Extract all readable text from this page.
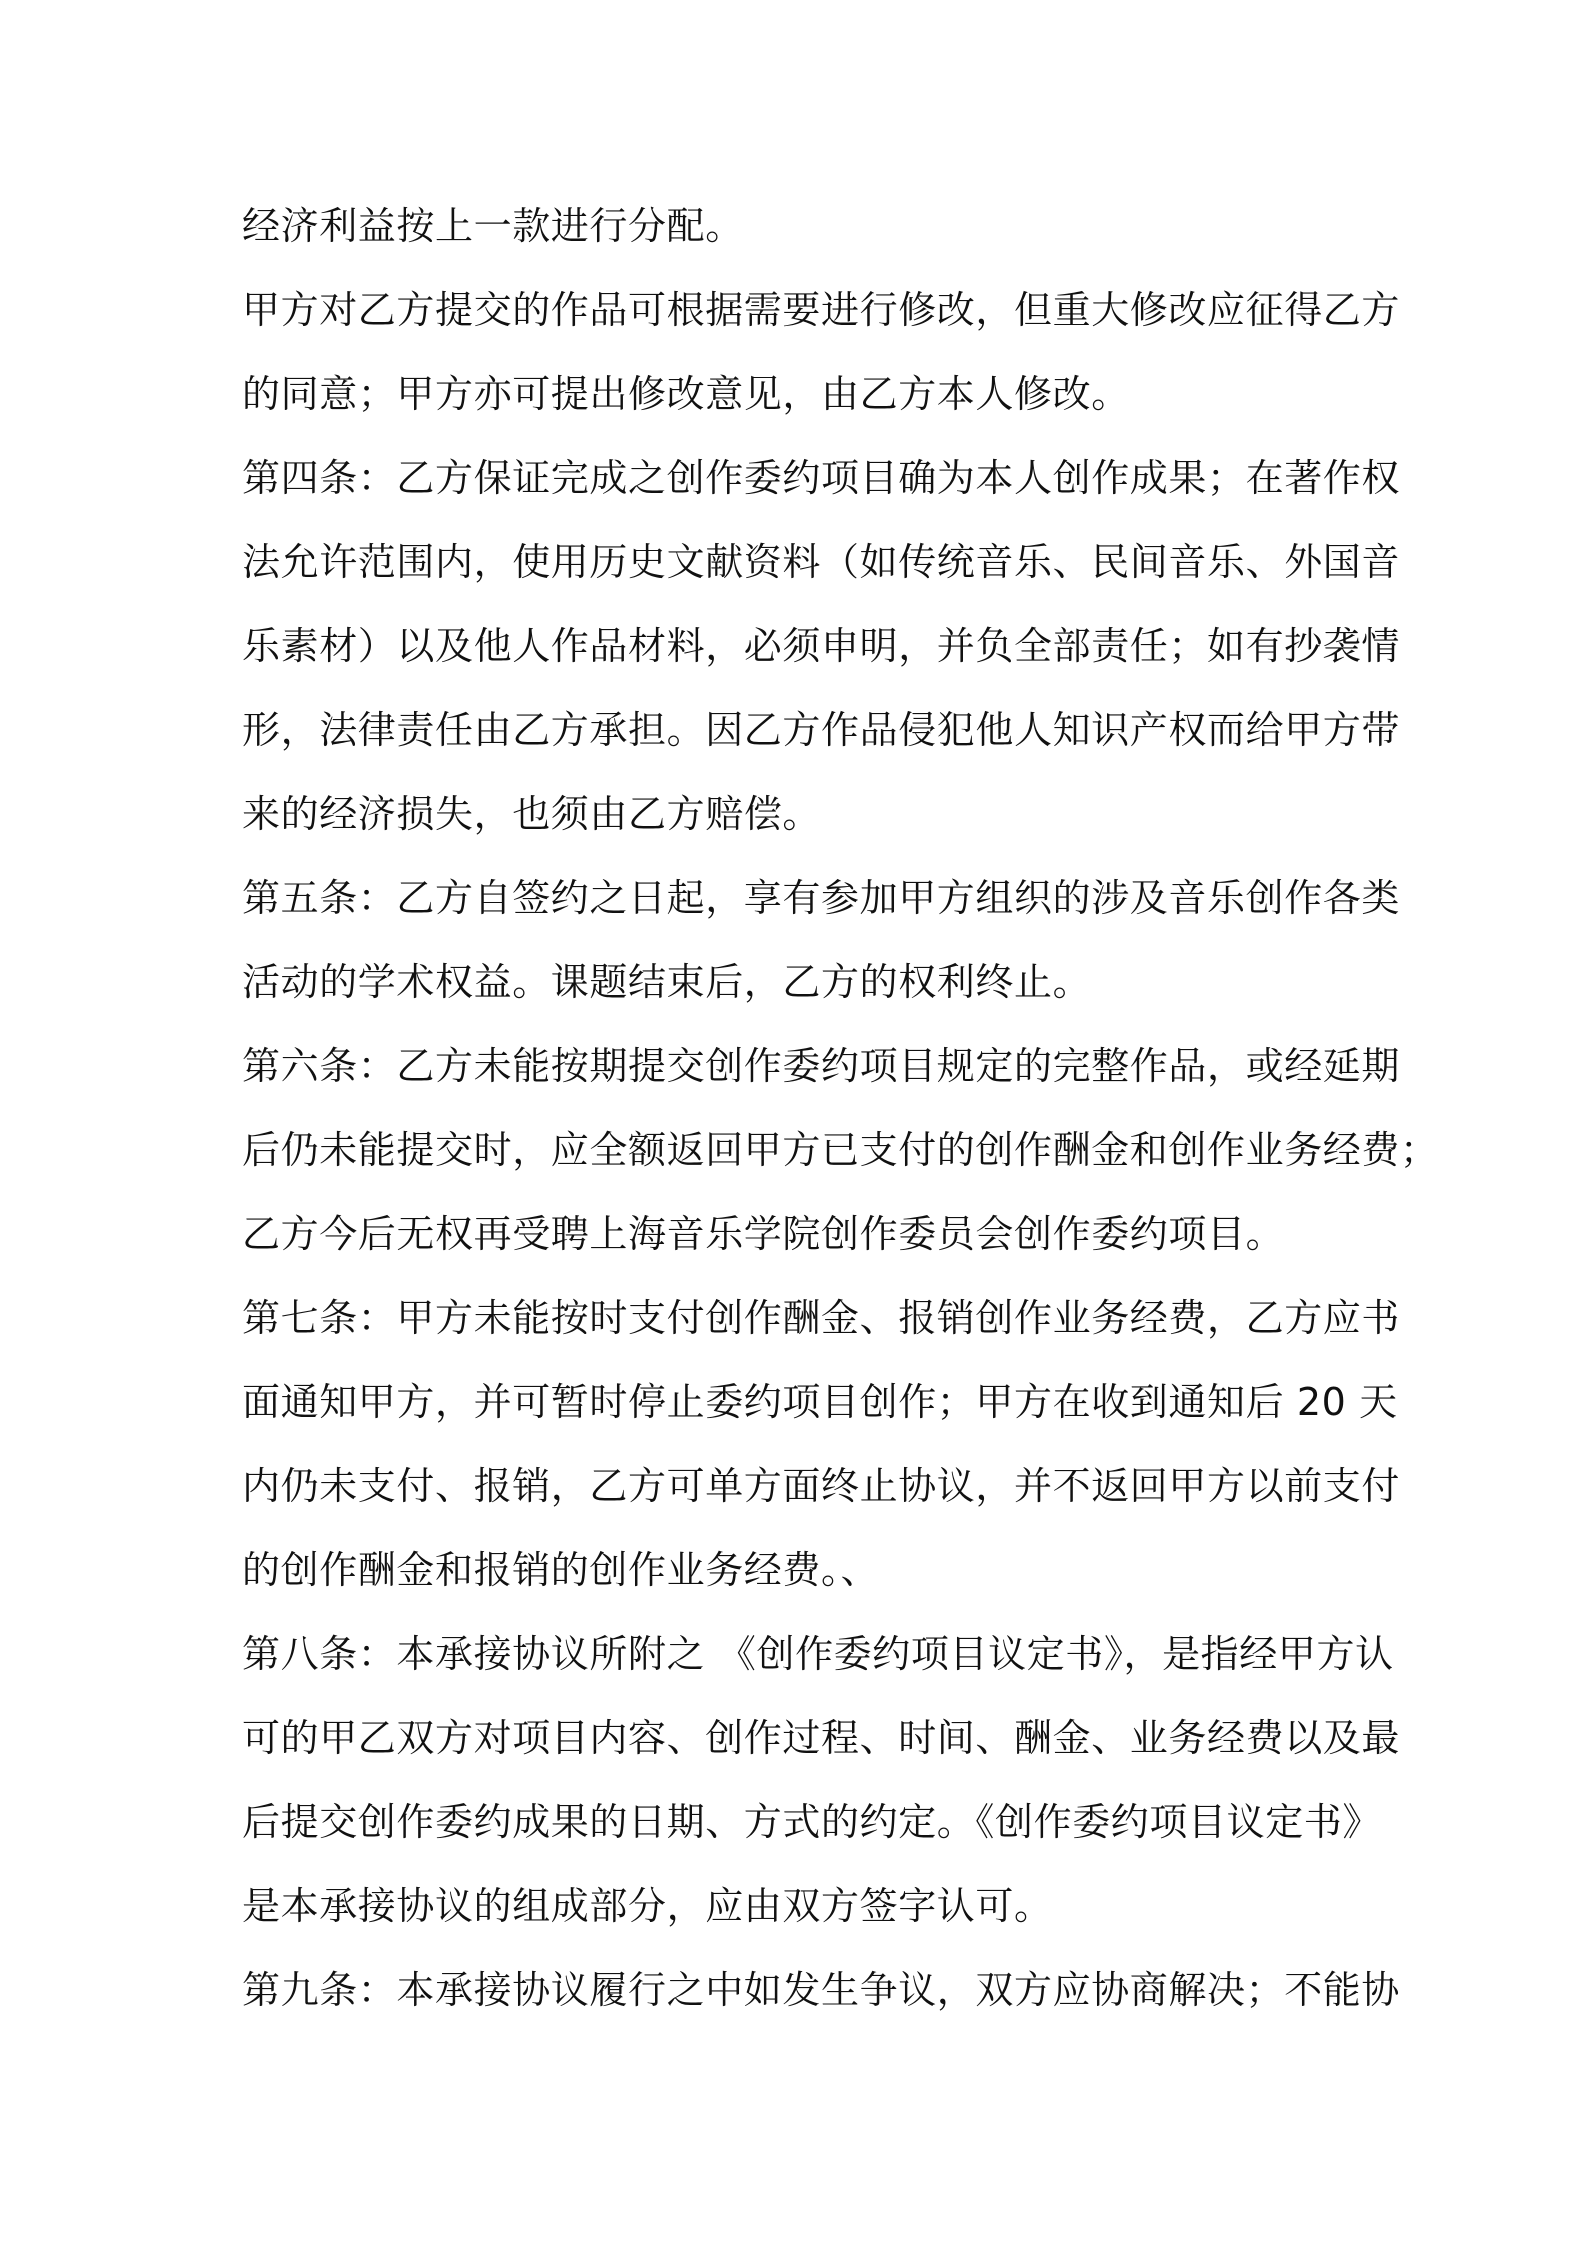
经济利益按上一款进行分配。
甲方对乙方提交的作品可根据需要进行修改，但重大修改应征得乙方
的同意；甲方亦可提出修改意见，由乙方本人修改。
第四条：乙方保证完成之创作委约项目确为本人创作成果；在著作权
法允许范围内，使用历史文献资料（如传统音乐、民间音乐、外国音
乐素材）以及他人作品材料，必须申明，并负全部责任；如有抄袭情
形，法律责任由乙方承担。因乙方作品侵犯他人知识产权而给甲方带
来的经济损失，也须由乙方赔偿。
第五条：乙方自签约之日起，享有参加甲方组织的涉及音乐创作各类
活动的学术权益。课题结束后，乙方的权利终止。
第六条：乙方未能按期提交创作委约项目规定的完整作品，或经延期
后仍未能提交时，应全额返回甲方已支付的创作酬金和创作业务经费；
乙方今后无权再受聘上海音乐学院创作委员会创作委约项目。
第七条：甲方未能按时支付创作酬金、报销创作业务经费，乙方应书
面通知甲方，并可暂时停止委约项目创作；甲方在收到通知后 20 天
内仍未支付、报销，乙方可单方面终止协议，并不返回甲方以前支付
的创作酬金和报销的创作业务经费。、
第八条：本承接协议所附之 《创作委约项目议定书》，是指经甲方认
可的甲乙双方对项目内容、创作过程、时间、酬金、业务经费以及最
后提交创作委约成果的日期、方式的约定。《创作委约项目议定书》
是本承接协议的组成部分，应由双方签字认可。
第九条：本承接协议履行之中如发生争议，双方应协商解决；不能协
